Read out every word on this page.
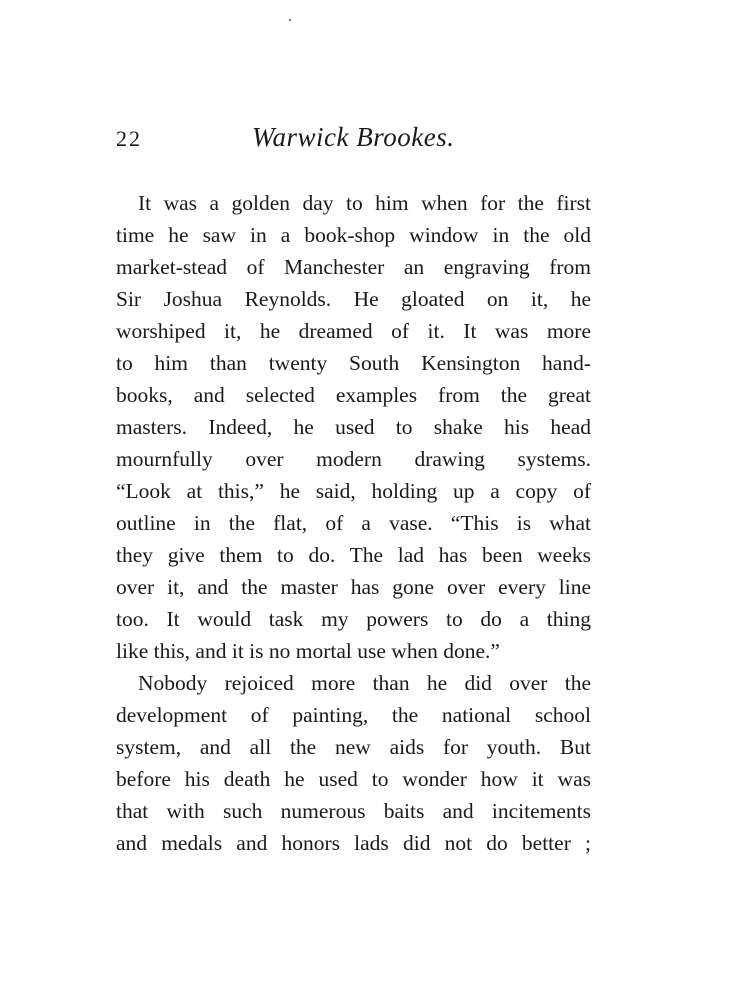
22	Warwick Brookes.
It was a golden day to him when for the first
time he saw in a book-shop window in the old
market-stead of Manchester an engraving from
Sir Joshua Reynolds. He gloated on it, he
worshiped it, he dreamed of it. It was more
to him than twenty South Kensington hand-
books, and selected examples from the great
masters. Indeed, he used to shake his head
mournfully over modern drawing systems.
“Look at this,” he said, holding up a copy of
outline in the flat, of a vase. “This is what
they give them to do. The lad has been weeks
over it, and the master has gone over every line
too. It would task my powers to do a thing
like this, and it is no mortal use when done.”
Nobody rejoiced more than he did over the
development of painting, the national school
system, and all the new aids for youth. But
before his death he used to wonder how it was
that with such numerous baits and incitements
and medals and honors lads did not do better ;
